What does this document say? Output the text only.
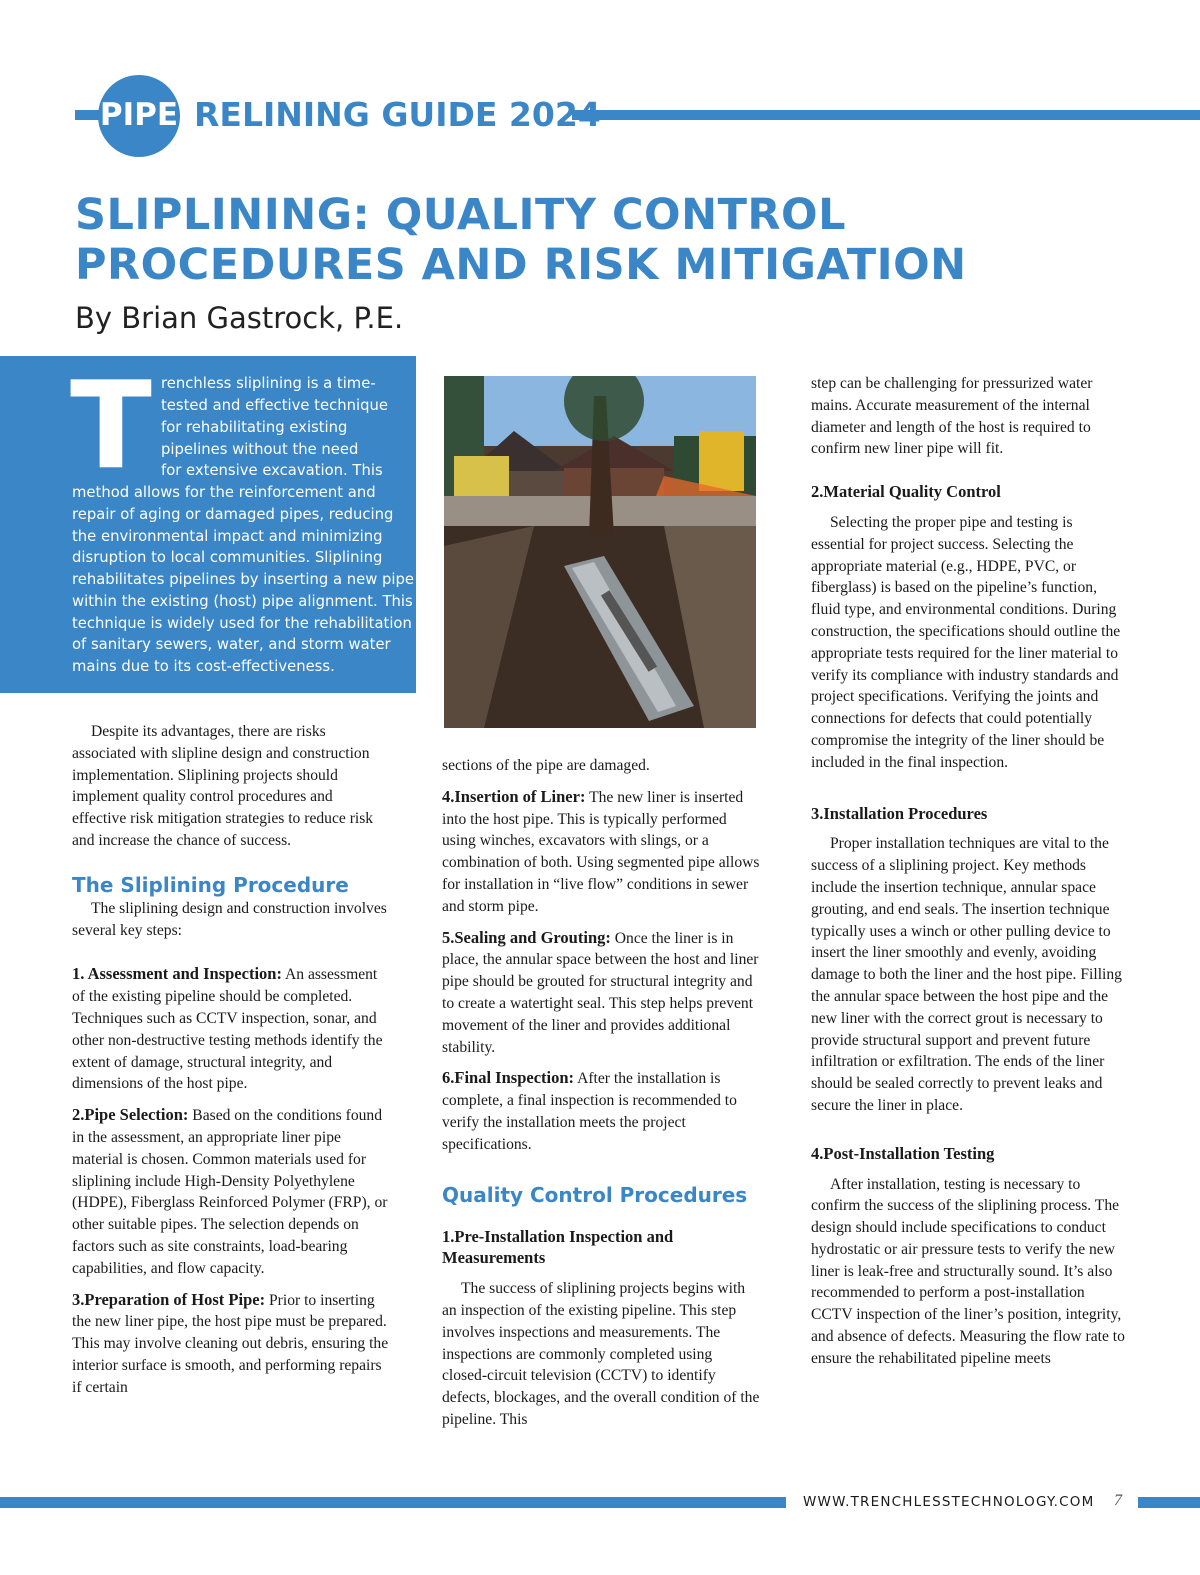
PIPE RELINING GUIDE 2024
SLIPLINING: QUALITY CONTROL PROCEDURES AND RISK MITIGATION
By Brian Gastrock, P.E.
T renchless sliplining is a time-
tested and effective technique
for rehabilitating existing
pipelines without the need
for extensive excavation. This
method allows for the reinforcement and
repair of aging or damaged pipes, reducing
the environmental impact and minimizing
disruption to local communities. Sliplining
rehabilitates pipelines by inserting a new pipe
within the existing (host) pipe alignment. This
technique is widely used for the rehabilitation
of sanitary sewers, water, and storm water
mains due to its cost-effectiveness.

Despite its advantages, there are risks associated with slipline design and construction implementation. Sliplining projects should implement quality control procedures and effective risk mitigation strategies to reduce risk and increase the chance of success.

The Sliplining Procedure

The sliplining design and construction involves several key steps:

1. Assessment and Inspection: An assessment of the existing pipeline should be completed. Techniques such as CCTV inspection, sonar, and other non-destructive testing methods identify the extent of damage, structural integrity, and dimensions of the host pipe.

2.Pipe Selection: Based on the conditions found in the assessment, an appropriate liner pipe material is chosen. Common materials used for sliplining include High-Density Polyethylene (HDPE), Fiberglass Reinforced Polymer (FRP), or other suitable pipes. The selection depends on factors such as site constraints, load-bearing capabilities, and flow capacity.

3.Preparation of Host Pipe: Prior to inserting the new liner pipe, the host pipe must be prepared. This may involve cleaning out debris, ensuring the interior surface is smooth, and performing repairs if certain

sections of the pipe are damaged.

4.Insertion of Liner: The new liner is inserted into the host pipe. This is typically performed using winches, excavators with slings, or a combination of both. Using segmented pipe allows for installation in “live flow” conditions in sewer and storm pipe.

5.Sealing and Grouting: Once the liner is in place, the annular space between the host and liner pipe should be grouted for structural integrity and to create a watertight seal. This step helps prevent movement of the liner and provides additional stability.

6.Final Inspection: After the installation is complete, a final inspection is recommended to verify the installation meets the project specifications.

Quality Control Procedures
1.Pre-Installation Inspection and Measurements

The success of sliplining projects begins with an inspection of the existing pipeline. This step involves inspections and measurements. The inspections are commonly completed using closed-circuit television (CCTV) to identify defects, blockages, and the overall condition of the pipeline. This

step can be challenging for pressurized water mains. Accurate measurement of the internal diameter and length of the host is required to confirm new liner pipe will fit.

2.Material Quality Control

Selecting the proper pipe and testing is essential for project success. Selecting the appropriate material (e.g., HDPE, PVC, or fiberglass) is based on the pipeline’s function, fluid type, and environmental conditions. During construction, the specifications should outline the appropriate tests required for the liner material to verify its compliance with industry standards and project specifications. Verifying the joints and connections for defects that could potentially compromise the integrity of the liner should be included in the final inspection.

3.Installation Procedures

Proper installation techniques are vital to the success of a sliplining project. Key methods include the insertion technique, annular space grouting, and end seals. The insertion technique typically uses a winch or other pulling device to insert the liner smoothly and evenly, avoiding damage to both the liner and the host pipe. Filling the annular space between the host pipe and the new liner with the correct grout is necessary to provide structural support and prevent future infiltration or exfiltration. The ends of the liner should be sealed correctly to prevent leaks and secure the liner in place.

4.Post-Installation Testing

After installation, testing is necessary to confirm the success of the sliplining process. The design should include specifications to conduct hydrostatic or air pressure tests to verify the new liner is leak-free and structurally sound. It’s also recommended to perform a post-installation CCTV inspection of the liner’s position, integrity, and absence of defects. Measuring the flow rate to ensure the rehabilitated pipeline meets

WWW.TRENCHLESSTECHNOLOGY.COM 7
